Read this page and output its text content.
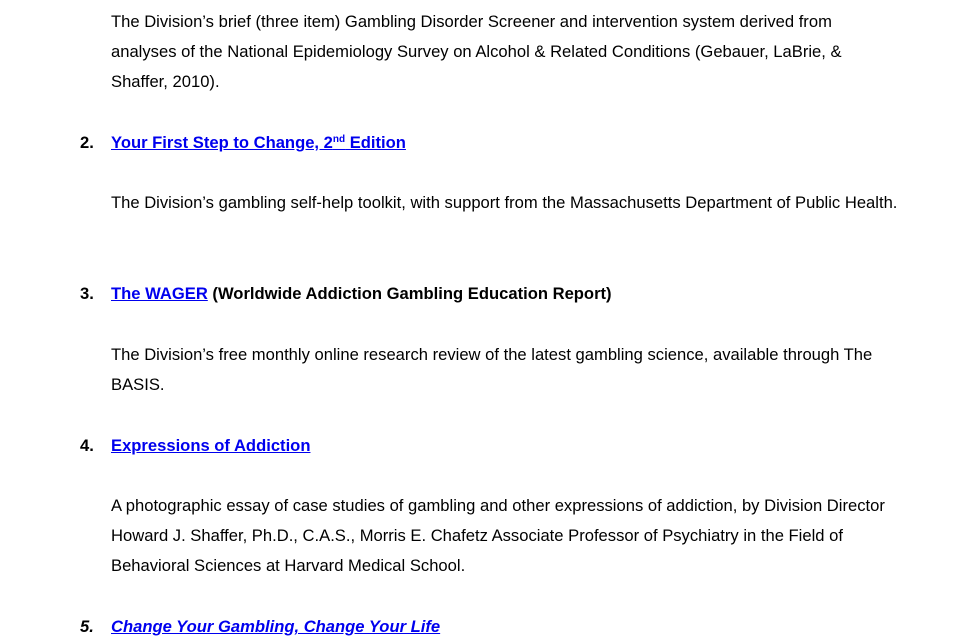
The Division’s brief (three item) Gambling Disorder Screener and intervention system derived from analyses of the National Epidemiology Survey on Alcohol & Related Conditions (Gebauer, LaBrie, & Shaffer, 2010).

2. Your First Step to Change, 2nd Edition

The Division’s gambling self-help toolkit, with support from the Massachusetts Department of Public Health.

3. The WAGER (Worldwide Addiction Gambling Education Report)

The Division’s free monthly online research review of the latest gambling science, available through The BASIS.

4. Expressions of Addiction

A photographic essay of case studies of gambling and other expressions of addiction, by Division Director Howard J. Shaffer, Ph.D., C.A.S., Morris E. Chafetz Associate Professor of Psychiatry in the Field of Behavioral Sciences at Harvard Medical School.

5. Change Your Gambling, Change Your Life
